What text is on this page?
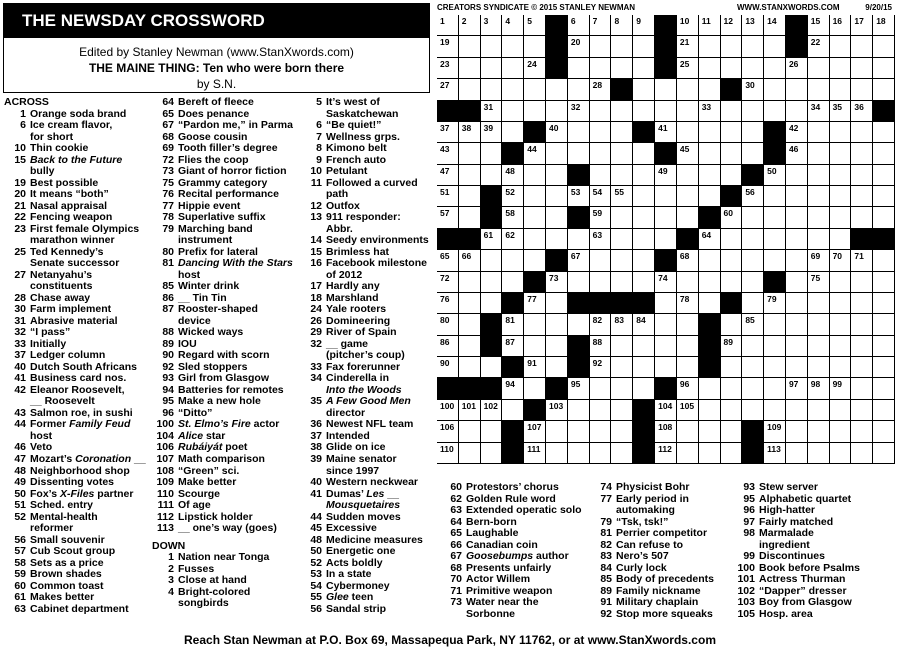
THE NEWSDAY CROSSWORD
Edited by Stanley Newman (www.StanXwords.com)
THE MAINE THING: Ten who were born there
by S.N.
CREATORS SYNDICATE © 2015 STANLEY NEWMAN	WWW.STANXWORDS.COM	9/20/15
1 2 3 4 5	6 7 8 9	10 11 12 13 14	15 16 17 18
19	20	21	22
23	24	25	26
27	28	30
31	32	33	34 35 36
37 38 39	40	41	42
43	44	45	46
47	48	49	50
51	52	53 54 55	56
57	58	59	60
61 62	63	64
65 66	67	68	69 70 71
72	73	74	75
76	77	78	79
80	81	82 83 84	85
86	87	88	89
90	91	92
94	95	96	97 98 99
100 101 102	103	104 105
106	107	108	109
110	111	112	113
ACROSS
1 Orange soda brand
6 Ice cream flavor,
for short
10 Thin cookie
15 Back to the Future
bully
19 Best possible
20 It means “both”
21 Nasal appraisal
22 Fencing weapon
23 First female Olympics
marathon winner
25 Ted Kennedy’s
Senate successor
27 Netanyahu’s
constituents
28 Chase away
30 Farm implement
31 Abrasive material
32 “I pass”
33 Initially
37 Ledger column
40 Dutch South Africans
41 Business card nos.
42 Eleanor Roosevelt,
__ Roosevelt
43 Salmon roe, in sushi
44 Former Family Feud
host
46 Veto
47 Mozart’s Coronation __
48 Neighborhood shop
49 Dissenting votes
50 Fox’s X-Files partner
51 Sched. entry
52 Mental-health
reformer
56 Small souvenir
57 Cub Scout group
58 Sets as a price
59 Brown shades
60 Common toast
61 Makes better
63 Cabinet department
64 Bereft of fleece
65 Does penance
67 “Pardon me,” in Parma
68 Goose cousin
69 Tooth filler’s degree
72 Flies the coop
73 Giant of horror fiction
75 Grammy category
76 Recital performance
77 Hippie event
78 Superlative suffix
79 Marching band
instrument
80 Prefix for lateral
81 Dancing With the Stars
host
85 Winter drink
86 __ Tin Tin
87 Rooster-shaped
device
88 Wicked ways
89 IOU
90 Regard with scorn
92 Sled stoppers
93 Girl from Glasgow
94 Batteries for remotes
95 Make a new hole
96 “Ditto”
100 St. Elmo’s Fire actor
104 Alice star
106 Rubáiyát poet
107 Math comparison
108 “Green” sci.
109 Make better
110 Scourge
111 Of age
112 Lipstick holder
113 __ one’s way (goes)
DOWN
1 Nation near Tonga
2 Fusses
3 Close at hand
4 Bright-colored
songbirds
5 It’s west of
Saskatchewan
6 “Be quiet!”
7 Wellness grps.
8 Kimono belt
9 French auto
10 Petulant
11 Followed a curved
path
12 Outfox
13 911 responder:
Abbr.
14 Seedy environments
15 Brimless hat
16 Facebook milestone
of 2012
17 Hardly any
18 Marshland
24 Yale rooters
26 Domineering
29 River of Spain
32 __ game
(pitcher’s coup)
33 Fax forerunner
34 Cinderella in
Into the Woods
35 A Few Good Men
director
36 Newest NFL team
37 Intended
38 Glide on ice
39 Maine senator
since 1997
40 Western neckwear
41 Dumas’ Les __
Mousquetaires
44 Sudden moves
45 Excessive
48 Medicine measures
50 Energetic one
52 Acts boldly
53 In a state
54 Cybermoney
55 Glee teen
56 Sandal strip
60 Protestors’ chorus
62 Golden Rule word
63 Extended operatic solo
64 Bern-born
65 Laughable
66 Canadian coin
67 Goosebumps author
68 Presents unfairly
70 Actor Willem
71 Primitive weapon
73 Water near the
Sorbonne
74 Physicist Bohr
77 Early period in
automaking
79 “Tsk, tsk!”
81 Perrier competitor
82 Can refuse to
83 Nero’s 507
84 Curly lock
85 Body of precedents
89 Family nickname
91 Military chaplain
92 Stop more squeaks
93 Stew server
95 Alphabetic quartet
96 High-hatter
97 Fairly matched
98 Marmalade
ingredient
99 Discontinues
100 Book before Psalms
101 Actress Thurman
102 “Dapper” dresser
103 Boy from Glasgow
105 Hosp. area
Reach Stan Newman at P.O. Box 69, Massapequa Park, NY 11762, or at www.StanXwords.com
